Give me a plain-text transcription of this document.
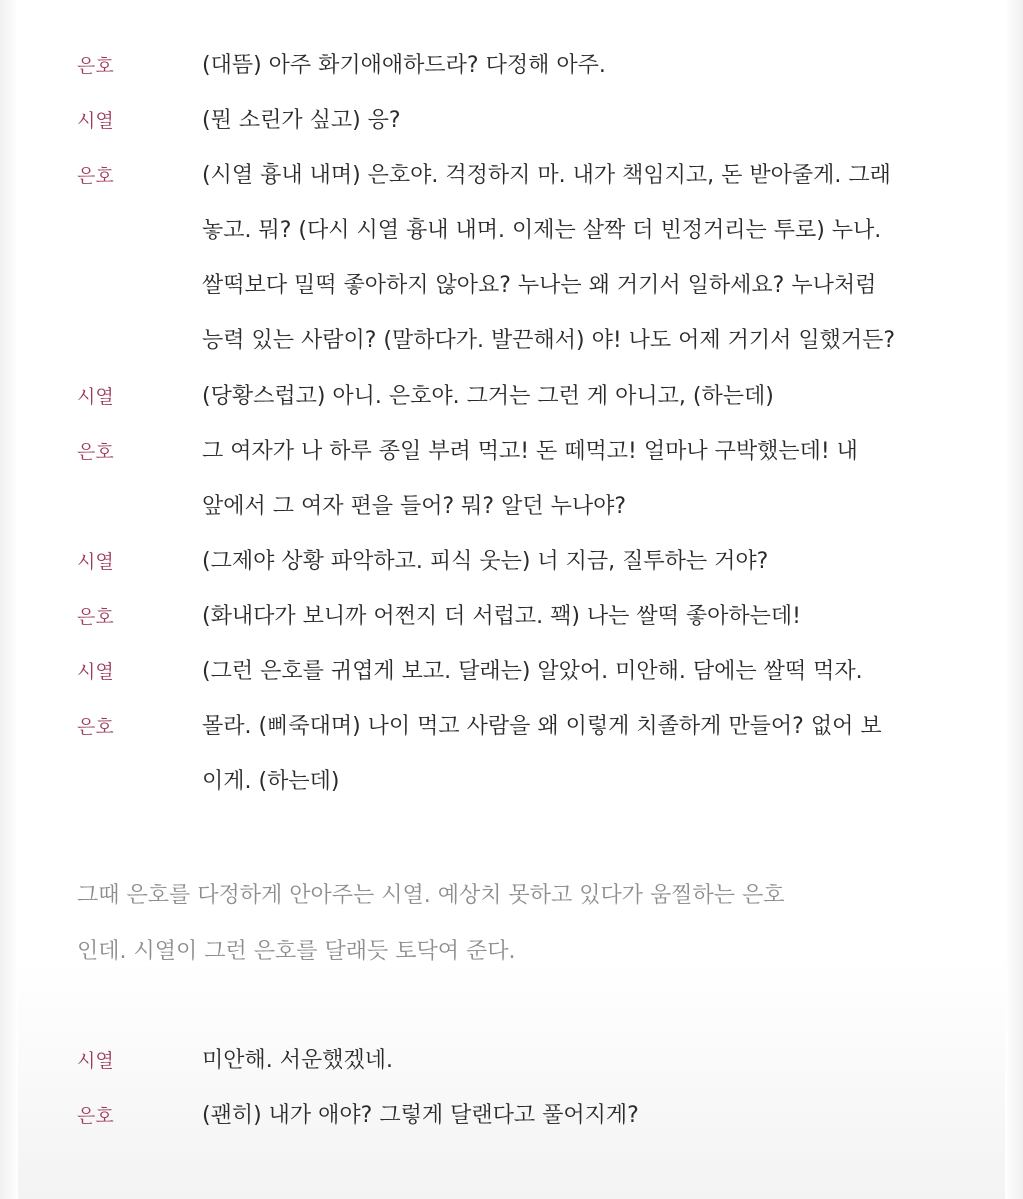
은호	(대뜸) 아주 화기애애하드라? 다정해 아주.
시열	(뭔 소린가 싶고) 응?
은호	(시열 흉내 내며) 은호야. 걱정하지 마. 내가 책임지고, 돈 받아줄게. 그래
놓고. 뭐? (다시 시열 흉내 내며. 이제는 살짝 더 빈정거리는 투로) 누나.
쌀떡보다 밀떡 좋아하지 않아요? 누나는 왜 거기서 일하세요? 누나처럼
능력 있는 사람이? (말하다가. 발끈해서) 야! 나도 어제 거기서 일했거든?
시열	(당황스럽고) 아니. 은호야. 그거는 그런 게 아니고, (하는데)
은호	그 여자가 나 하루 종일 부려 먹고! 돈 떼먹고! 얼마나 구박했는데! 내
앞에서 그 여자 편을 들어? 뭐? 알던 누나야?
시열	(그제야 상황 파악하고. 피식 웃는) 너 지금, 질투하는 거야?
은호	(화내다가 보니까 어쩐지 더 서럽고. 꽥) 나는 쌀떡 좋아하는데!
시열	(그런 은호를 귀엽게 보고. 달래는) 알았어. 미안해. 담에는 쌀떡 먹자.
은호	몰라. (삐죽대며) 나이 먹고 사람을 왜 이렇게 치졸하게 만들어? 없어 보
이게. (하는데)
그때 은호를 다정하게 안아주는 시열. 예상치 못하고 있다가 움찔하는 은호
인데. 시열이 그런 은호를 달래듯 토닥여 준다.
시열	미안해. 서운했겠네.
은호	(괜히) 내가 애야? 그렇게 달랜다고 풀어지게?
